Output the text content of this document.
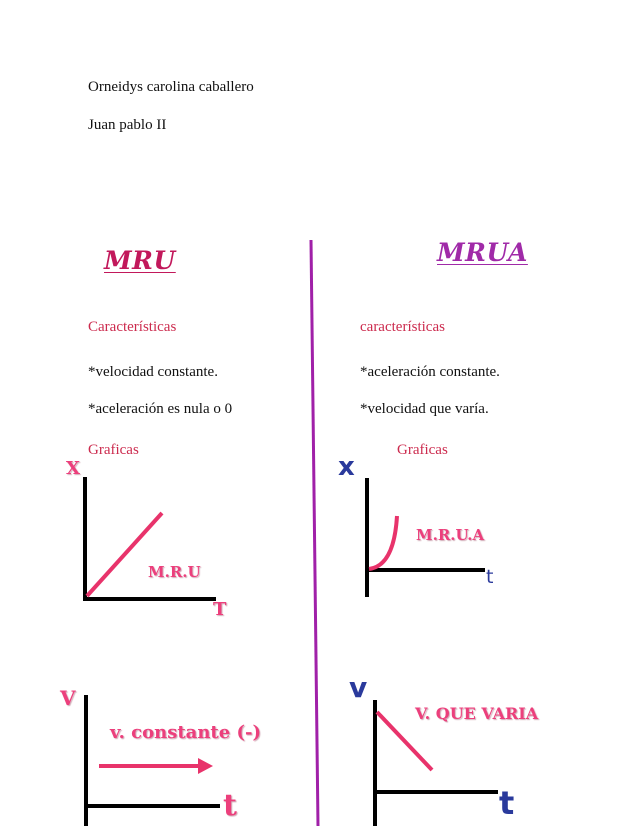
Orneidys carolina caballero
Juan pablo II
MRU	MRUA
Características
*velocidad constante.
*aceleración es nula o 0
Graficas
características
*aceleración constante.
*velocidad que varía.
Graficas
X
T
M.R.U
V
v. constante (-)
t
x
t
M.R.U.A
v
V. QUE VARIA
t
